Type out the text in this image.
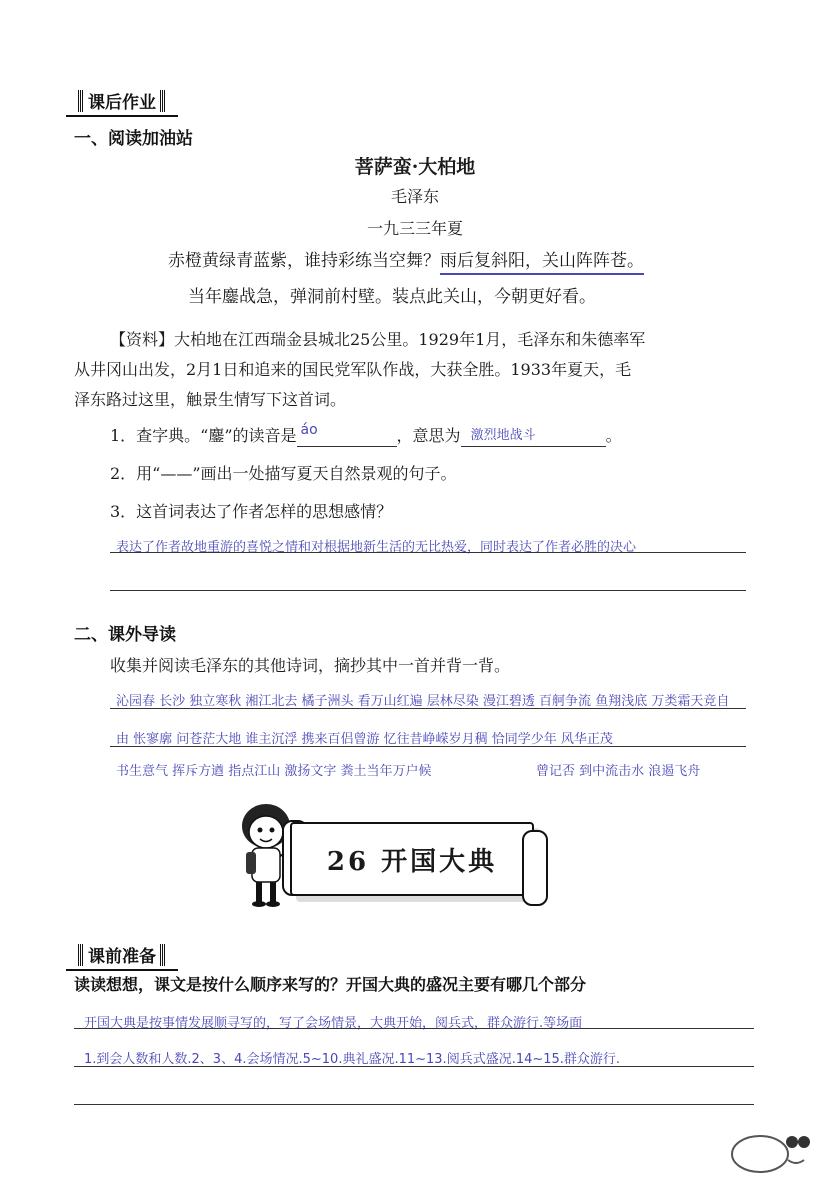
课后作业
一、阅读加油站
菩萨蛮·大柏地
毛泽东
一九三三年夏
赤橙黄绿青蓝紫，谁持彩练当空舞？雨后复斜阳，关山阵阵苍。
当年鏖战急，弹洞前村壁。装点此关山，今朝更好看。
【资料】大柏地在江西瑞金县城北25公里。1929年1月，毛泽东和朱德率军
从井冈山出发，2月1日和追来的国民党军队作战，大获全胜。1933年夏天，毛
泽东路过这里，触景生情写下这首词。
1．查字典。“鏖”的读音是 áo	，意思为 激烈地战斗	。
2．用“——”画出一处描写夏天自然景观的句子。
3．这首词表达了作者怎样的思想感情？
表达了作者故地重游的喜悦之情和对根据地新生活的无比热爱，同时表达了作者必胜的决心
二、课外导读
收集并阅读毛泽东的其他诗词，摘抄其中一首并背一背。
沁园春 长沙 独立寒秋 湘江北去 橘子洲头 看万山红遍 层林尽染 漫江碧透 百舸争流 鱼翔浅底 万类霜天竞自
由 怅寥廓 问苍茫大地 谁主沉浮 携来百侣曾游 忆往昔峥嵘岁月稠 恰同学少年 风华正茂
书生意气 挥斥方遒 指点江山 激扬文字 粪土当年万户候	曾记否 到中流击水 浪遏飞舟
26 开国大典
课前准备
读读想想，课文是按什么顺序来写的？开国大典的盛况主要有哪几个部分
开国大典是按事情发展顺寻写的，写了会场情景，大典开始，阅兵式，群众游行.等场面
1.到会人数和人数.2、3、4.会场情况.5~10.典礼盛况.11~13.阅兵式盛况.14~15.群众游行.
